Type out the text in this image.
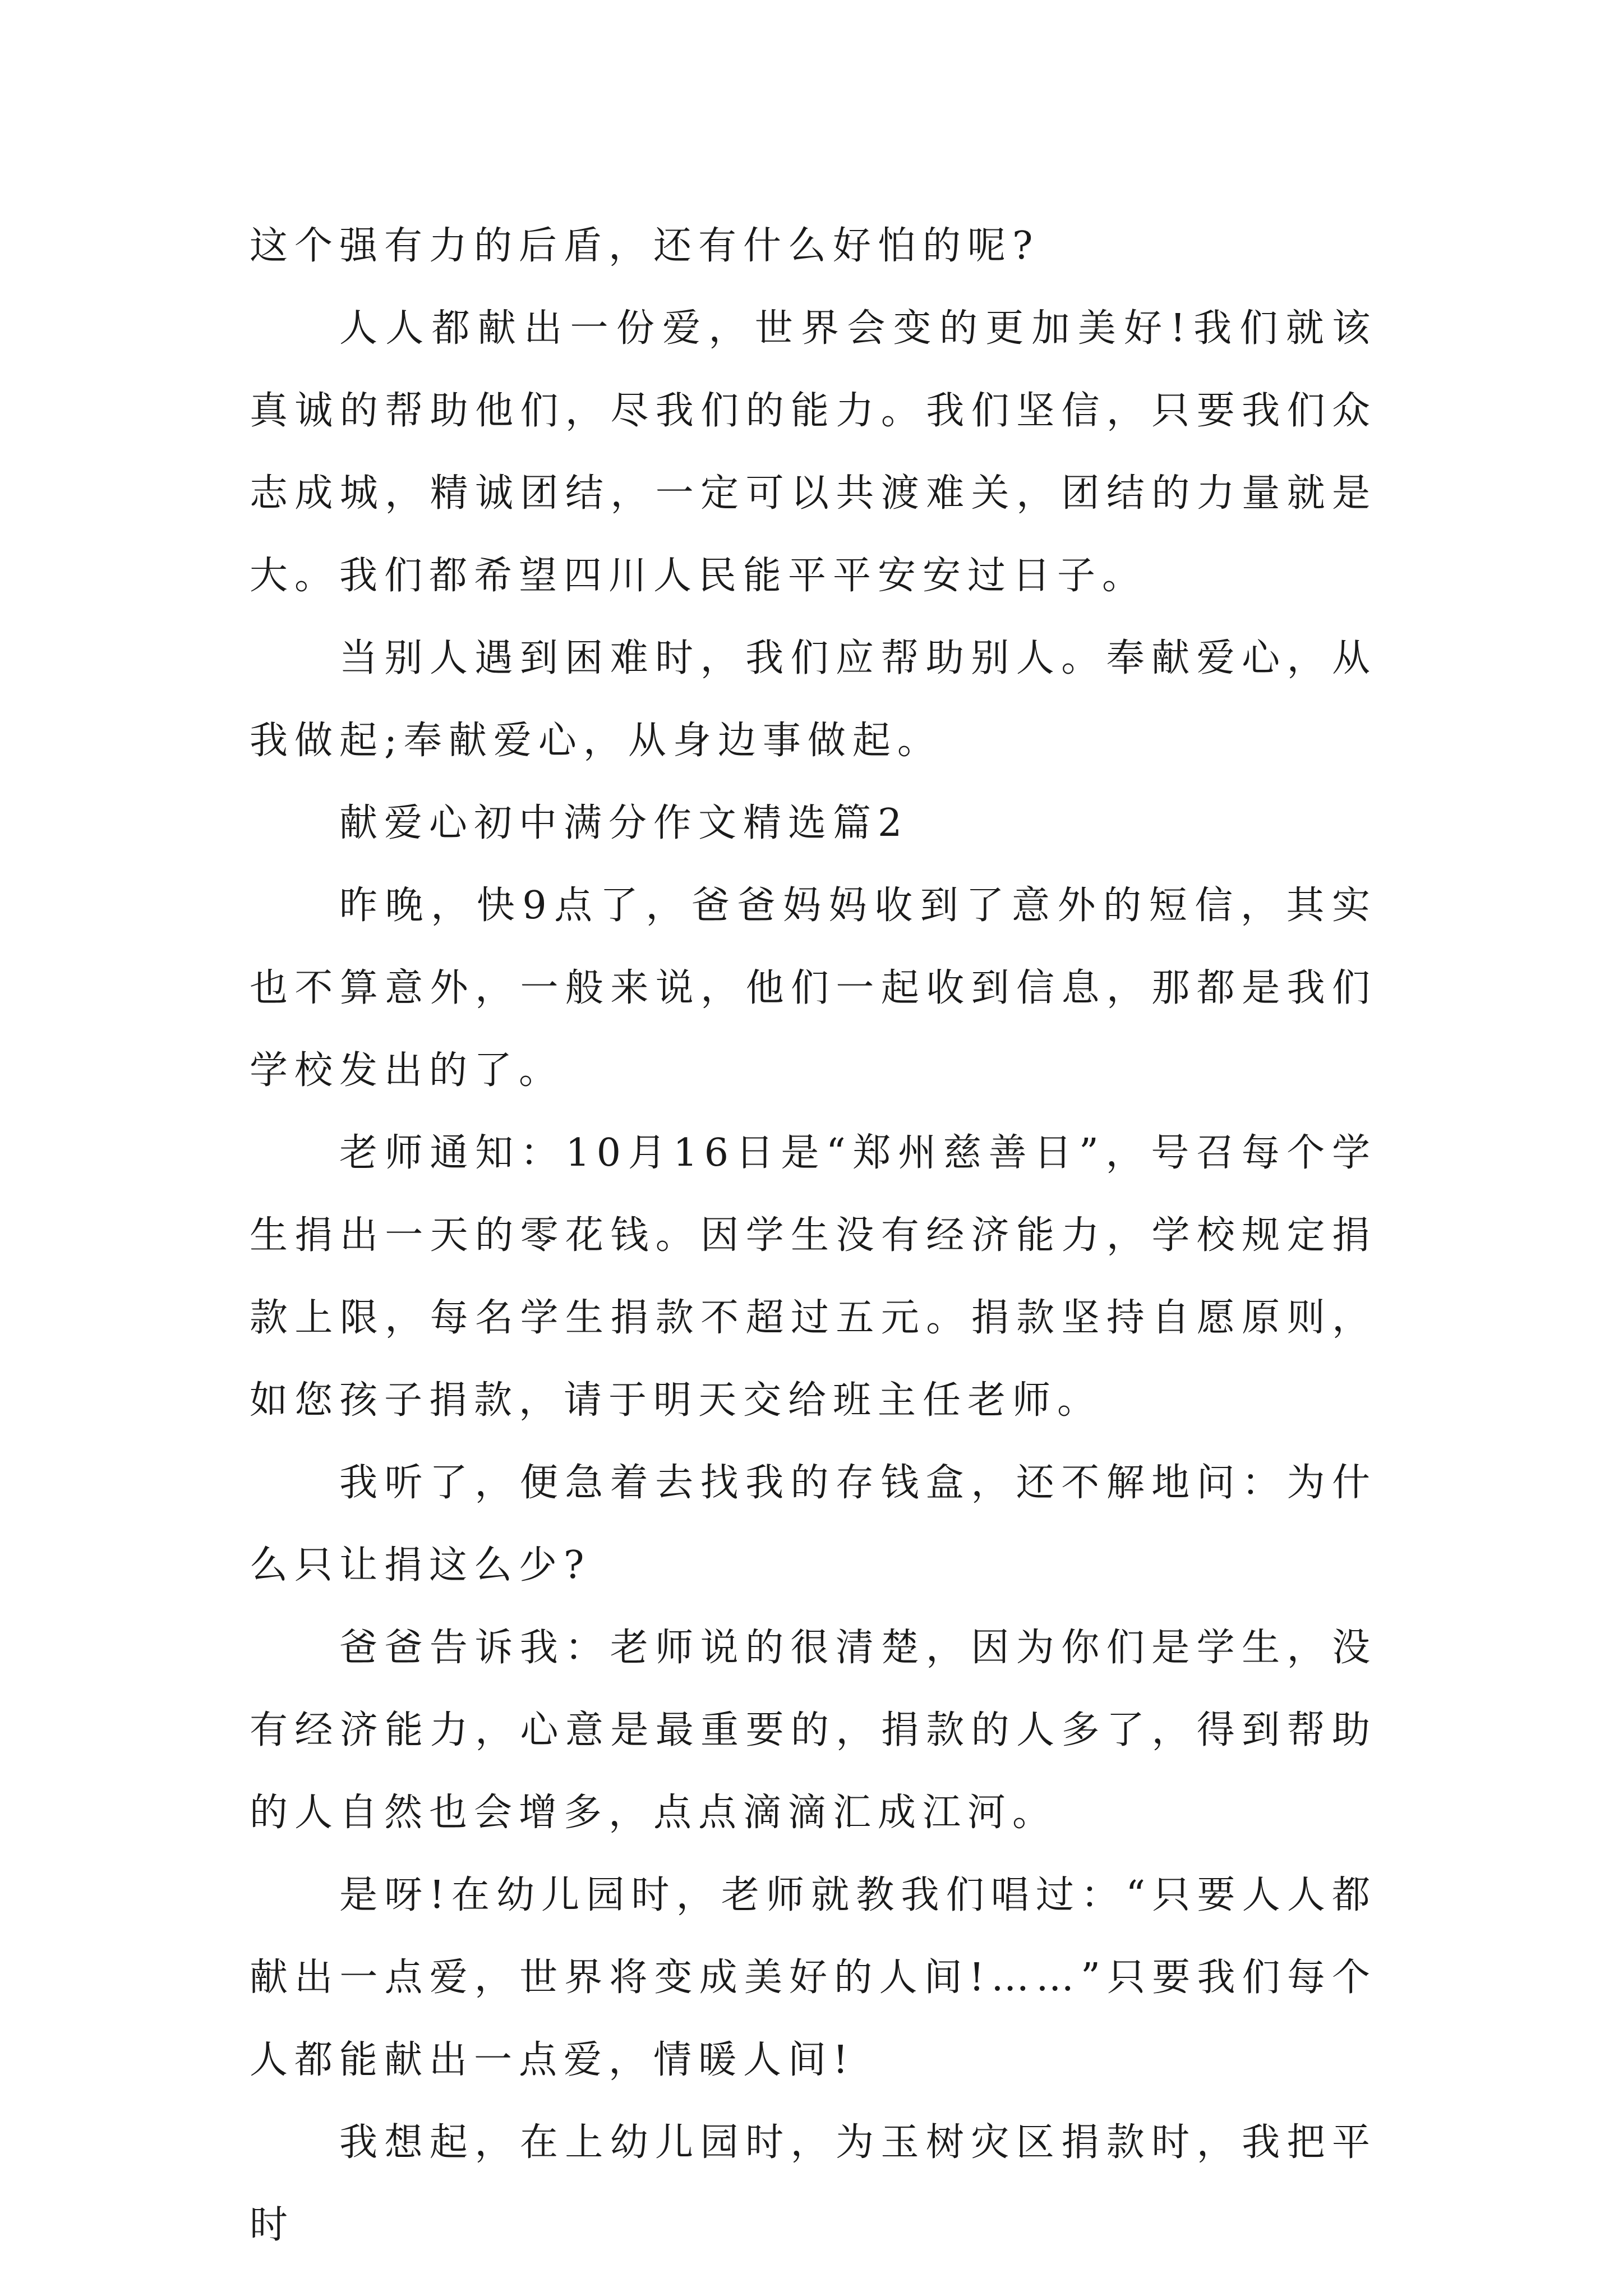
这个强有力的后盾，还有什么好怕的呢?

人人都献出一份爱，世界会变的更加美好!我们就该真诚的帮助他们，尽我们的能力。我们坚信，只要我们众志成城，精诚团结，一定可以共渡难关，团结的力量就是大。我们都希望四川人民能平平安安过日子。

当别人遇到困难时，我们应帮助别人。奉献爱心，从我做起;奉献爱心，从身边事做起。

献爱心初中满分作文精选篇2

昨晚，快9点了，爸爸妈妈收到了意外的短信，其实也不算意外，一般来说，他们一起收到信息，那都是我们学校发出的了。

老师通知：10月16日是“郑州慈善日”，号召每个学生捐出一天的零花钱。因学生没有经济能力，学校规定捐款上限，每名学生捐款不超过五元。捐款坚持自愿原则，如您孩子捐款，请于明天交给班主任老师。

我听了，便急着去找我的存钱盒，还不解地问：为什么只让捐这么少?

爸爸告诉我：老师说的很清楚，因为你们是学生，没有经济能力，心意是最重要的，捐款的人多了，得到帮助的人自然也会增多，点点滴滴汇成江河。

是呀!在幼儿园时，老师就教我们唱过：“只要人人都献出一点爱，世界将变成美好的人间!……”只要我们每个人都能献出一点爱，情暖人间!

我想起，在上幼儿园时，为玉树灾区捐款时，我把平时
